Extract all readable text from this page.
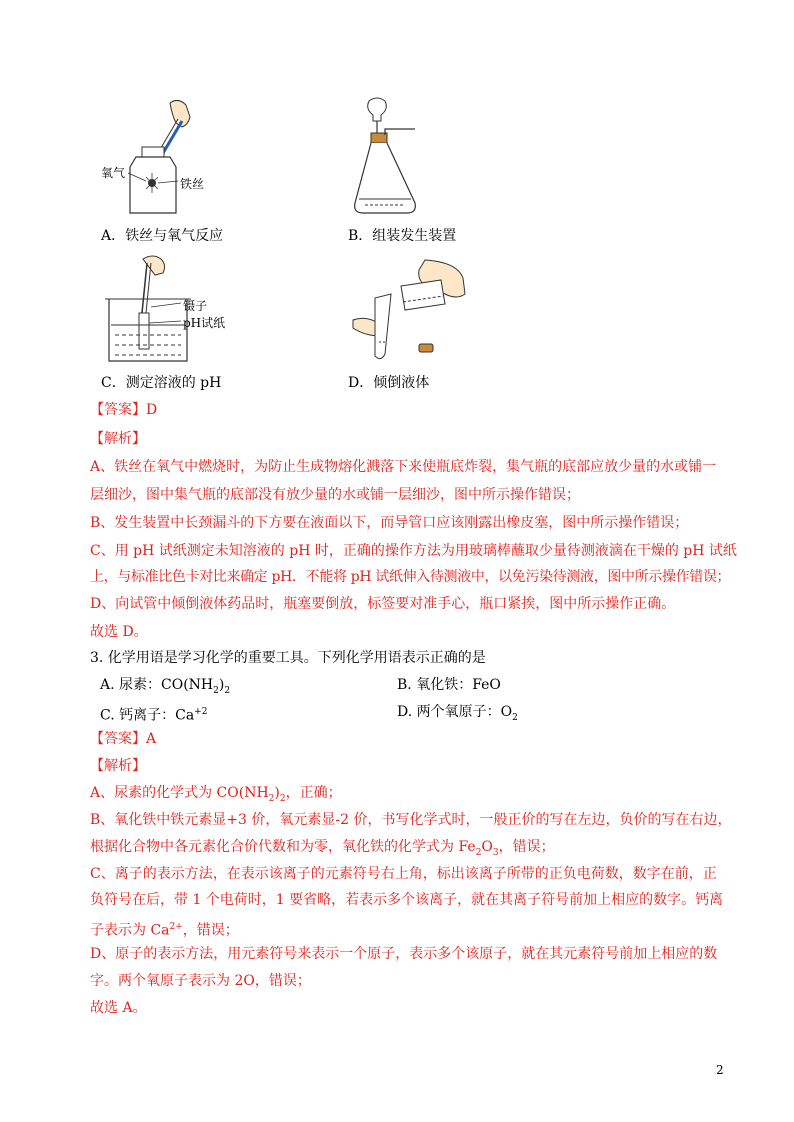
氧气
铁丝
A．铁丝与氧气反应	B．组装发生装置
镊子
pH试纸
C．测定溶液的 pH	D．倾倒液体
【答案】D
【解析】
A、铁丝在氧气中燃烧时，为防止生成物熔化溅落下来使瓶底炸裂，集气瓶的底部应放少量的水或铺一
层细沙，图中集气瓶的底部没有放少量的水或铺一层细沙，图中所示操作错误；
B、发生装置中长颈漏斗的下方要在液面以下，而导管口应该刚露出橡皮塞，图中所示操作错误；
C、用 pH 试纸测定未知溶液的 pH 时，正确的操作方法为用玻璃棒蘸取少量待测液滴在干燥的 pH 试纸
上，与标准比色卡对比来确定 pH．不能将 pH 试纸伸入待测液中，以免污染待测液，图中所示操作错误；
D、向试管中倾倒液体药品时，瓶塞要倒放，标签要对准手心，瓶口紧挨，图中所示操作正确。
故选 D。
3. 化学用语是学习化学的重要工具。下列化学用语表示正确的是
A. 尿素：$CO(NH_2)_2$	B. 氧化铁：FeO
C. 钙离子：$Ca^{+2}$	D. 两个氧原子：$O_2$
【答案】A
【解析】
A、尿素的化学式为 $CO(NH_2)_2$，正确；
B、氧化铁中铁元素显+3 价，氧元素显-2 价，书写化学式时，一般正价的写在左边，负价的写在右边，
根据化合物中各元素化合价代数和为零，氧化铁的化学式为 $Fe_2O_3$，错误；
C、离子的表示方法，在表示该离子的元素符号右上角，标出该离子所带的正负电荷数，数字在前，正
负符号在后，带 1 个电荷时，1 要省略，若表示多个该离子，就在其离子符号前加上相应的数字。钙离
子表示为 $Ca^{2+}$，错误；
D、原子的表示方法，用元素符号来表示一个原子，表示多个该原子，就在其元素符号前加上相应的数
字。两个氧原子表示为 2O，错误；
故选 A。
2
